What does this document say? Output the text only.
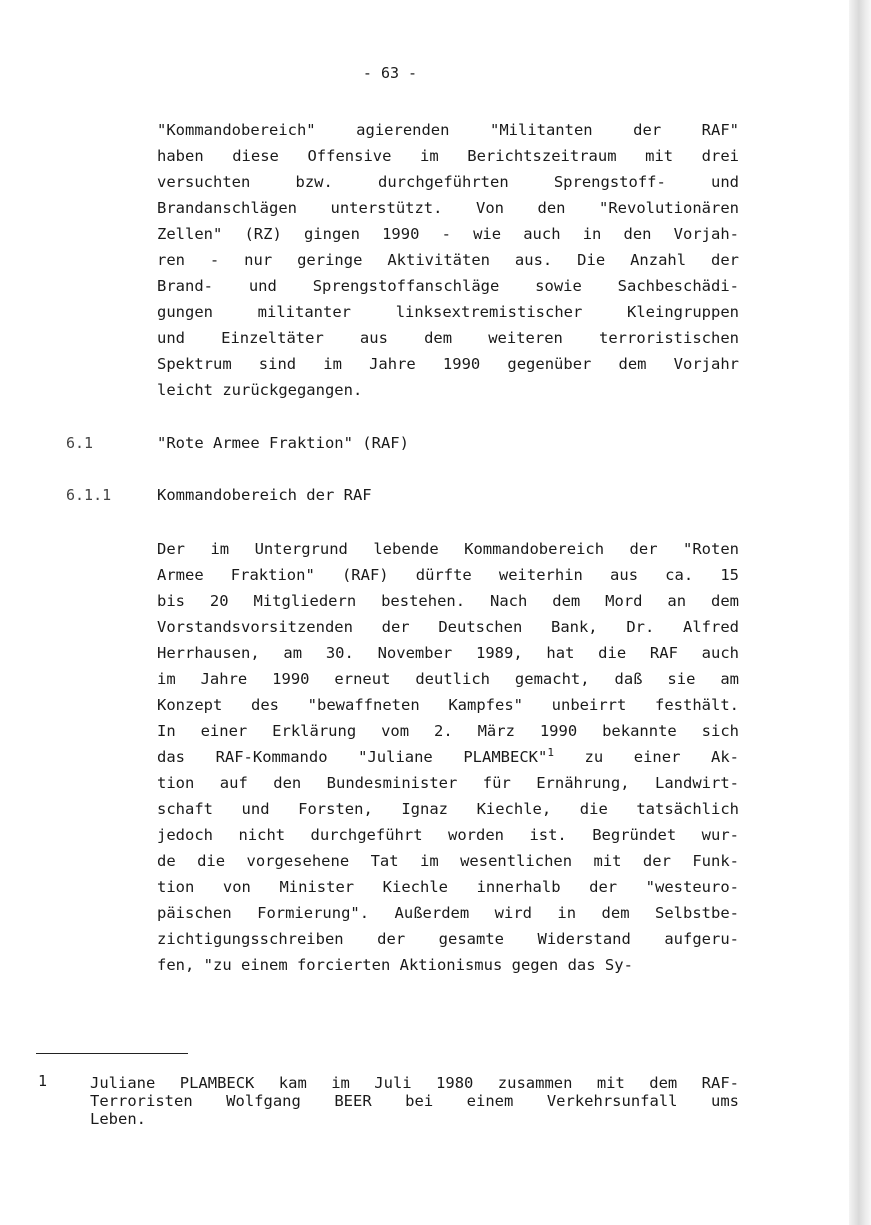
- 63 -
"Kommandobereich" agierenden "Militanten der RAF"
haben diese Offensive im Berichtszeitraum mit drei
versuchten bzw. durchgeführten Sprengstoff- und
Brandanschlägen unterstützt. Von den "Revolutionären
Zellen" (RZ) gingen 1990 - wie auch in den Vorjah-
ren - nur geringe Aktivitäten aus. Die Anzahl der
Brand- und Sprengstoffanschläge sowie Sachbeschädi-
gungen militanter linksextremistischer Kleingruppen
und Einzeltäter aus dem weiteren terroristischen
Spektrum sind im Jahre 1990 gegenüber dem Vorjahr
leicht zurückgegangen.
6.1	"Rote Armee Fraktion" (RAF)
6.1.1	Kommandobereich der RAF
Der im Untergrund lebende Kommandobereich der "Roten
Armee Fraktion" (RAF) dürfte weiterhin aus ca. 15
bis 20 Mitgliedern bestehen. Nach dem Mord an dem
Vorstandsvorsitzenden der Deutschen Bank, Dr. Alfred
Herrhausen, am 30. November 1989, hat die RAF auch
im Jahre 1990 erneut deutlich gemacht, daß sie am
Konzept des "bewaffneten Kampfes" unbeirrt festhält.
In einer Erklärung vom 2. März 1990 bekannte sich
das RAF-Kommando "Juliane PLAMBECK"$^1$ zu einer Ak-
tion auf den Bundesminister für Ernährung, Landwirt-
schaft und Forsten, Ignaz Kiechle, die tatsächlich
jedoch nicht durchgeführt worden ist. Begründet wur-
de die vorgesehene Tat im wesentlichen mit der Funk-
tion von Minister Kiechle innerhalb der "westeuro-
päischen Formierung". Außerdem wird in dem Selbstbe-
zichtigungsschreiben der gesamte Widerstand aufgeru-
fen, "zu einem forcierten Aktionismus gegen das Sy-
1	Juliane PLAMBECK kam im Juli 1980 zusammen mit dem RAF-
Terroristen Wolfgang BEER bei einem Verkehrsunfall ums
Leben.
